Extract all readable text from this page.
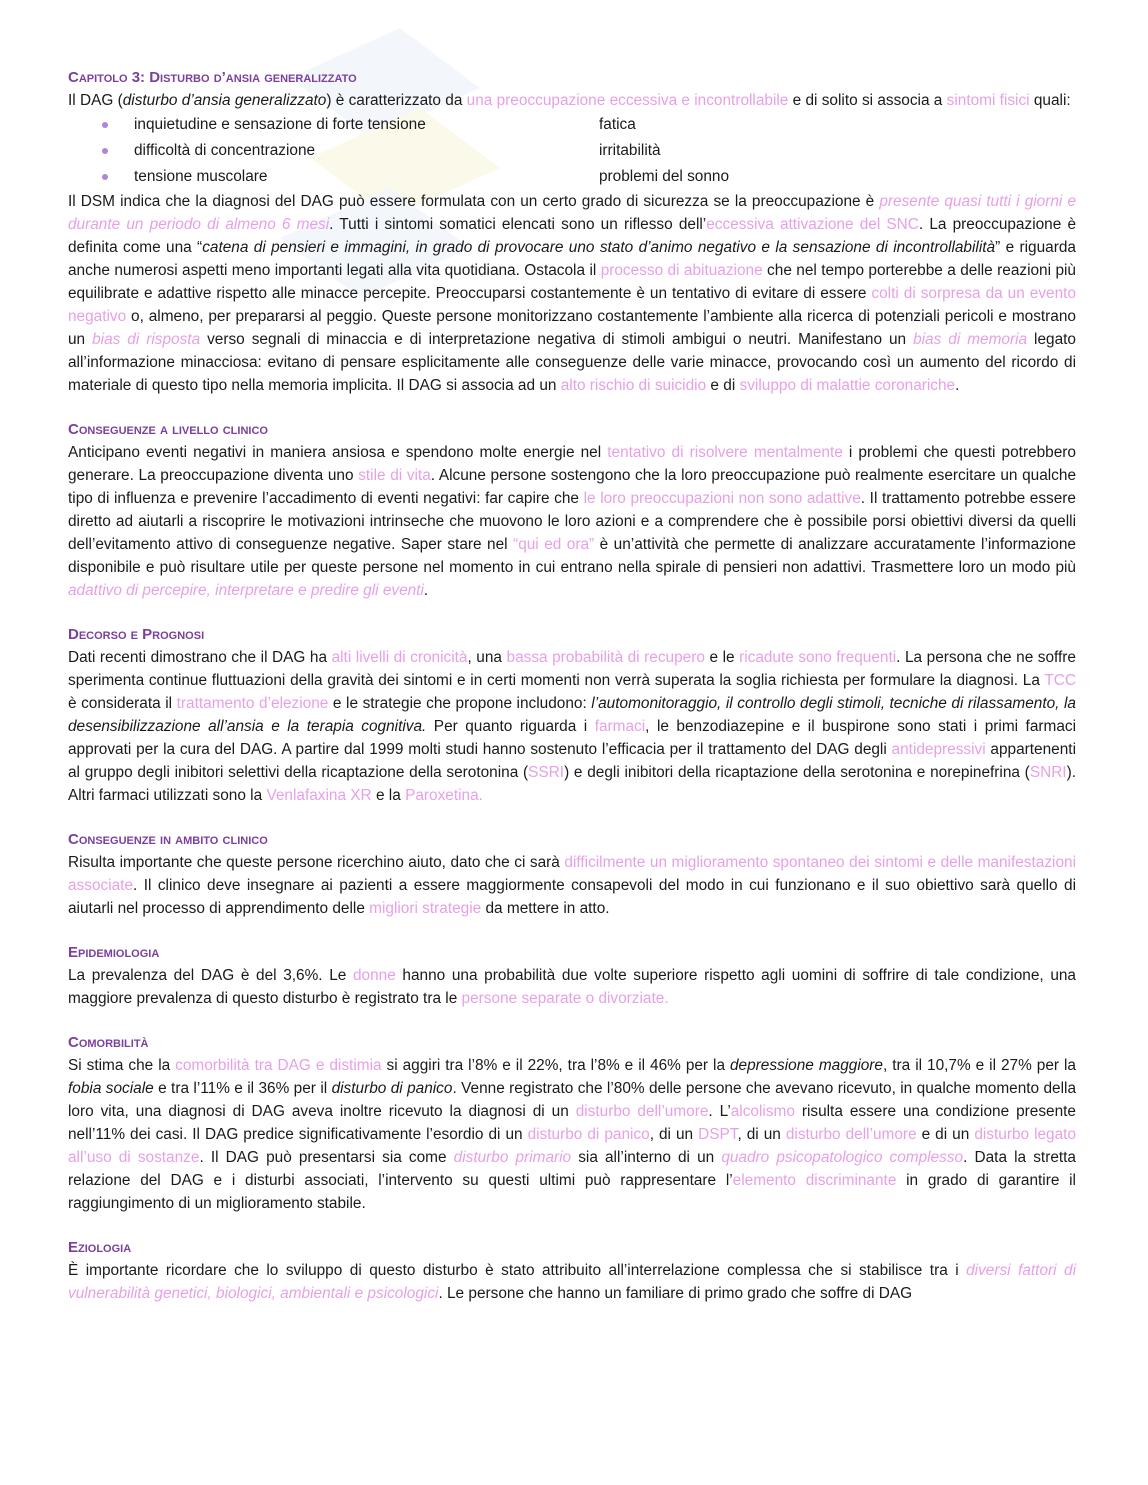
Capitolo 3: Disturbo d’ansia generalizzato

Il DAG (disturbo d’ansia generalizzato) è caratterizzato da una preoccupazione eccessiva e incontrollabile e di solito si associa a sintomi fisici quali:

inquietudine e sensazione di forte tensione	fatica
difficoltà di concentrazione	irritabilità
tensione muscolare	problemi del sonno

Il DSM indica che la diagnosi del DAG può essere formulata con un certo grado di sicurezza se la preoccupazione è presente quasi tutti i giorni e durante un periodo di almeno 6 mesi. Tutti i sintomi somatici elencati sono un riflesso dell’eccessiva attivazione del SNC. La preoccupazione è definita come una “catena di pensieri e immagini, in grado di provocare uno stato d’animo negativo e la sensazione di incontrollabilità” e riguarda anche numerosi aspetti meno importanti legati alla vita quotidiana. Ostacola il processo di abituazione che nel tempo porterebbe a delle reazioni più equilibrate e adattive rispetto alle minacce percepite. Preoccuparsi costantemente è un tentativo di evitare di essere colti di sorpresa da un evento negativo o, almeno, per prepararsi al peggio. Queste persone monitorizzano costantemente l’ambiente alla ricerca di potenziali pericoli e mostrano un bias di risposta verso segnali di minaccia e di interpretazione negativa di stimoli ambigui o neutri. Manifestano un bias di memoria legato all’informazione minacciosa: evitano di pensare esplicitamente alle conseguenze delle varie minacce, provocando così un aumento del ricordo di materiale di questo tipo nella memoria implicita. Il DAG si associa ad un alto rischio di suicidio e di sviluppo di malattie coronariche.

Conseguenze a livello clinico

Anticipano eventi negativi in maniera ansiosa e spendono molte energie nel tentativo di risolvere mentalmente i problemi che questi potrebbero generare. La preoccupazione diventa uno stile di vita. Alcune persone sostengono che la loro preoccupazione può realmente esercitare un qualche tipo di influenza e prevenire l’accadimento di eventi negativi: far capire che le loro preoccupazioni non sono adattive. Il trattamento potrebbe essere diretto ad aiutarli a riscoprire le motivazioni intrinseche che muovono le loro azioni e a comprendere che è possibile porsi obiettivi diversi da quelli dell’evitamento attivo di conseguenze negative. Saper stare nel “qui ed ora” è un’attività che permette di analizzare accuratamente l’informazione disponibile e può risultare utile per queste persone nel momento in cui entrano nella spirale di pensieri non adattivi. Trasmettere loro un modo più adattivo di percepire, interpretare e predire gli eventi.

Decorso e Prognosi

Dati recenti dimostrano che il DAG ha alti livelli di cronicità, una bassa probabilità di recupero e le ricadute sono frequenti. La persona che ne soffre sperimenta continue fluttuazioni della gravità dei sintomi e in certi momenti non verrà superata la soglia richiesta per formulare la diagnosi. La TCC è considerata il trattamento d’elezione e le strategie che propone includono: l’automonitoraggio, il controllo degli stimoli, tecniche di rilassamento, la desensibilizzazione all’ansia e la terapia cognitiva. Per quanto riguarda i farmaci, le benzodiazepine e il buspirone sono stati i primi farmaci approvati per la cura del DAG. A partire dal 1999 molti studi hanno sostenuto l’efficacia per il trattamento del DAG degli antidepressivi appartenenti al gruppo degli inibitori selettivi della ricaptazione della serotonina (SSRI) e degli inibitori della ricaptazione della serotonina e norepinefrina (SNRI). Altri farmaci utilizzati sono la Venlafaxina XR e la Paroxetina.

Conseguenze in ambito clinico

Risulta importante che queste persone ricerchino aiuto, dato che ci sarà difficilmente un miglioramento spontaneo dei sintomi e delle manifestazioni associate. Il clinico deve insegnare ai pazienti a essere maggiormente consapevoli del modo in cui funzionano e il suo obiettivo sarà quello di aiutarli nel processo di apprendimento delle migliori strategie da mettere in atto.

Epidemiologia

La prevalenza del DAG è del 3,6%. Le donne hanno una probabilità due volte superiore rispetto agli uomini di soffrire di tale condizione, una maggiore prevalenza di questo disturbo è registrato tra le persone separate o divorziate.

Comorbilità

Si stima che la comorbilità tra DAG e distimia si aggiri tra l’8% e il 22%, tra l’8% e il 46% per la depressione maggiore, tra il 10,7% e il 27% per la fobia sociale e tra l’11% e il 36% per il disturbo di panico. Venne registrato che l’80% delle persone che avevano ricevuto, in qualche momento della loro vita, una diagnosi di DAG aveva inoltre ricevuto la diagnosi di un disturbo dell’umore. L’alcolismo risulta essere una condizione presente nell’11% dei casi. Il DAG predice significativamente l’esordio di un disturbo di panico, di un DSPT, di un disturbo dell’umore e di un disturbo legato all’uso di sostanze. Il DAG può presentarsi sia come disturbo primario sia all’interno di un quadro psicopatologico complesso. Data la stretta relazione del DAG e i disturbi associati, l’intervento su questi ultimi può rappresentare l’elemento discriminante in grado di garantire il raggiungimento di un miglioramento stabile.

Eziologia

È importante ricordare che lo sviluppo di questo disturbo è stato attribuito all’interrelazione complessa che si stabilisce tra i diversi fattori di vulnerabilità genetici, biologici, ambientali e psicologici. Le persone che hanno un familiare di primo grado che soffre di DAG
